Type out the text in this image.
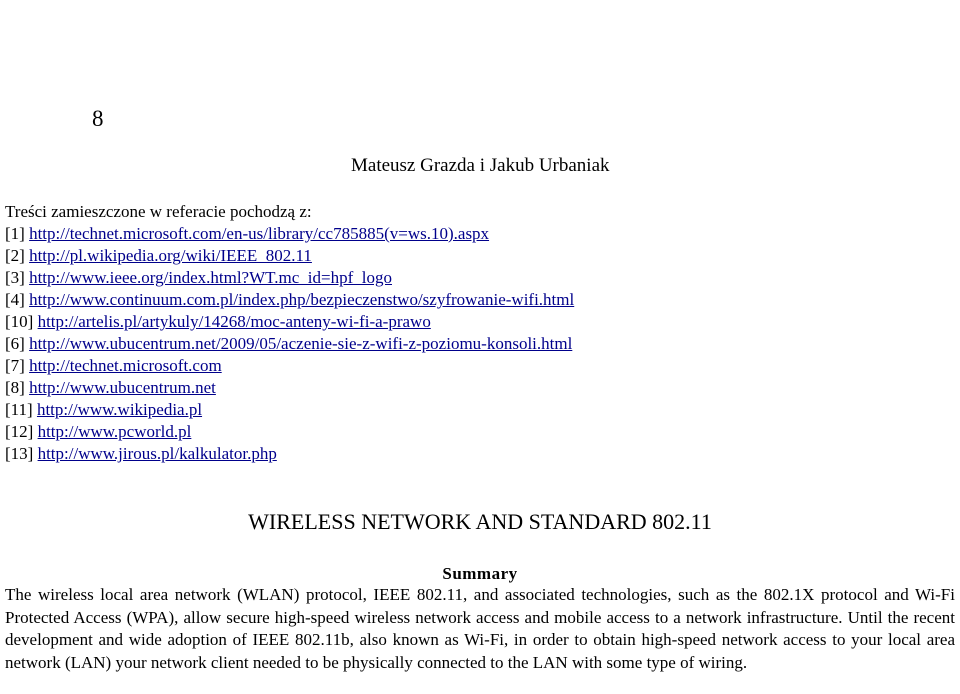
8
Mateusz Grazda i Jakub Urbaniak
Treści zamieszczone w referacie pochodzą z:
[1] http://technet.microsoft.com/en-us/library/cc785885(v=ws.10).aspx
[2] http://pl.wikipedia.org/wiki/IEEE_802.11
[3] http://www.ieee.org/index.html?WT.mc_id=hpf_logo
[4] http://www.continuum.com.pl/index.php/bezpieczenstwo/szyfrowanie-wifi.html
[10] http://artelis.pl/artykuly/14268/moc-anteny-wi-fi-a-prawo
[6] http://www.ubucentrum.net/2009/05/aczenie-sie-z-wifi-z-poziomu-konsoli.html
[7] http://technet.microsoft.com
[8] http://www.ubucentrum.net
[11] http://www.wikipedia.pl
[12] http://www.pcworld.pl
[13] http://www.jirous.pl/kalkulator.php
WIRELESS NETWORK AND STANDARD 802.11
Summary

The wireless local area network (WLAN) protocol, IEEE 802.11, and associated technologies, such as the 802.1X protocol and Wi-Fi Protected Access (WPA), allow secure high-speed wireless network access and mobile access to a network infrastructure. Until the recent development and wide adoption of IEEE 802.11b, also known as Wi-Fi, in order to obtain high-speed network access to your local area network (LAN) your network client needed to be physically connected to the LAN with some type of wiring.
